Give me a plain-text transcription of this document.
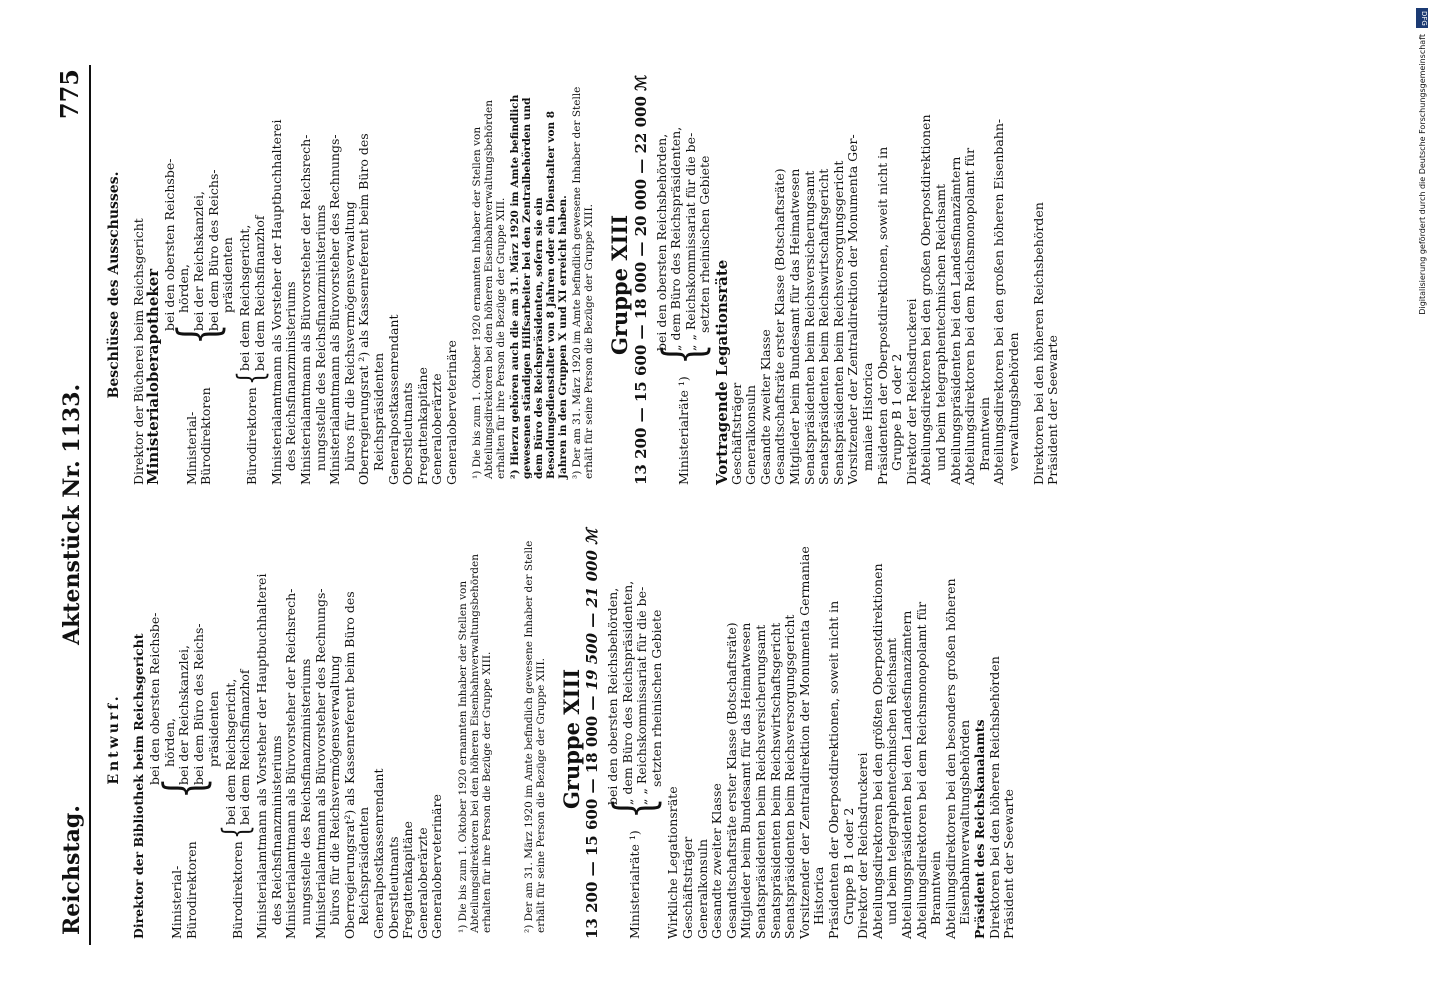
Digitalisierung gefördert durch die Deutsche Forschungsgemeinschaft
DFG
Reichstag.
Aktenstück Nr. 1133.
775
Entwurf. Direktor der Bibliothek beim Reichsgericht Ministerial-Bürodirektoren
{
bei den obersten Reichsbe- hörden, bei der Reichskanzlei, bei dem Büro des Reichs- präsidenten
Bürodirektoren
{
bei dem Reichsgericht, bei dem Reichsfinanzhof Ministerialamtmann als Vorsteher der Hauptbuchhalterei des Reichsfinanzministeriums Ministerialamtmann als Bürovorsteher der Reichsrech- nungsstelle des Reichsfinanzministeriums Ministerialamtmann als Bürovorsteher des Rechnungs- büros für die Reichsvermögensverwaltung Oberregierungsrat²) als Kassenreferent beim Büro des Reichspräsidenten Generalpostkassenrendant Oberstleutnants Fregattenkapitäne Generaloberärzte Generaloberveterinäre ¹) Die bis zum 1. Oktober 1920 ernannten Inhaber der Stellen von Abteilungsdirektoren bei den höheren Eisenbahnverwaltungsbehörden erhalten für ihre Person die Bezüge der Gruppe XIII.	²) Der am 31. März 1920 im Amte befindlich gewesene Inhaber der Stelle erhält für seine Person die Bezüge der Gruppe XIII. Gruppe XIII
13 200 — 15 600 — 18 000 — 19 500 — 21 000 ℳ
Ministerialräte ¹)
{
bei den obersten Reichsbehörden, „ dem Büro des Reichspräsidenten, „ „ Reichskommissariat für die be- setzten rheinischen Gebiete
Wirkliche Legationsräte Geschäftsträger Generalkonsuln Gesandte zweiter Klasse Gesandtschaftsräte erster Klasse (Botschaftsräte) Mitglieder beim Bundesamt für das Heimatwesen Senatspräsidenten beim Reichsversicherungsamt Senatspräsidenten beim Reichswirtschaftsgericht Senatspräsidenten beim Reichsversorgungsgericht Vorsitzender der Zentraldirektion der Monumenta Germaniae Historica Präsidenten der Oberpostdirektionen, soweit nicht in Gruppe B 1 oder 2 Direktor der Reichsdruckerei Abteilungsdirektoren bei den größten Oberpostdirektionen und beim telegraphentechnischen Reichsamt Abteilungspräsidenten bei den Landesfinanzämtern Abteilungsdirektoren bei dem Reichsmonopolamt für Branntwein Abteilungsdirektoren bei den besonders großen höheren Eisenbahnverwaltungsbehörden Präsident des Reichskanalamts Direktoren bei den höheren Reichsbehörden Präsident der Seewarte
Beschlüsse des Ausschusses. Direktor der Bücherei beim Reichsgericht
Ministerialoberapotheker Ministerial-Bürodirektoren
{
bei den obersten Reichsbe- hörden, bei der Reichskanzlei, bei dem Büro des Reichs- präsidenten
Bürodirektoren
{
bei dem Reichsgericht, bei dem Reichsfinanzhof Ministerialamtmann als Vorsteher der Hauptbuchhalterei des Reichsfinanzministeriums Ministerialamtmann als Bürovorsteher der Reichsrech- nungsstelle des Reichsfinanzministeriums Ministerialamtmann als Bürovorsteher des Rechnungs- büros für die Reichsvermögensverwaltung Oberregierungsrat ²) als Kassenreferent beim Büro des Reichspräsidenten Generalpostkassenrendant Oberstleutnants Fregattenkapitäne Generaloberärzte Generaloberveterinäre ¹) Die bis zum 1. Oktober 1920 ernannten Inhaber der Stellen von Abteilungsdirektoren bei den höheren Eisenbahnverwaltungsbehörden erhalten für ihre Person die Bezüge der Gruppe XIII. ²) Hierzu gehören auch die am 31. März 1920 im Amte befindlich gewesenen ständigen Hilfsarbeiter bei den Zentralbehörden und dem Büro des Reichspräsidenten, sofern sie ein Besoldungsdienstalter von 8 Jahren oder ein Dienstalter von 8 Jahren in den Gruppen X und XI erreicht haben. ³) Der am 31. März 1920 im Amte befindlich gewesene Inhaber der Stelle erhält für seine Person die Bezüge der Gruppe XIII. Gruppe XIII
13 200 — 15 600 — 18 000 — 20 000 — 22 000 ℳ
Ministerialräte ¹)
{
bei den obersten Reichsbehörden, „ dem Büro des Reichspräsidenten, „ „ Reichskommissariat für die be- setzten rheinischen Gebiete
Vortragende Legationsräte
Geschäftsträger Generalkonsuln Gesandte zweiter Klasse Gesandtschaftsräte erster Klasse (Botschaftsräte) Mitglieder beim Bundesamt für das Heimatwesen Senatspräsidenten beim Reichsversicherungsamt Senatspräsidenten beim Reichswirtschaftsgericht Senatspräsidenten beim Reichsversorgungsgericht Vorsitzender der Zentraldirektion der Monumenta Ger- maniae Historica Präsidenten der Oberpostdirektionen, soweit nicht in Gruppe B 1 oder 2 Direktor der Reichsdruckerei Abteilungsdirektoren bei den großen Oberpostdirektionen und beim telegraphentechnischen Reichsamt Abteilungspräsidenten bei den Landesfinanzämtern Abteilungsdirektoren bei dem Reichsmonopolamt für Branntwein Abteilungsdirektoren bei den großen höheren Eisenbahn- verwaltungsbehörden Direktoren bei den höheren Reichsbehörden Präsident der Seewarte
